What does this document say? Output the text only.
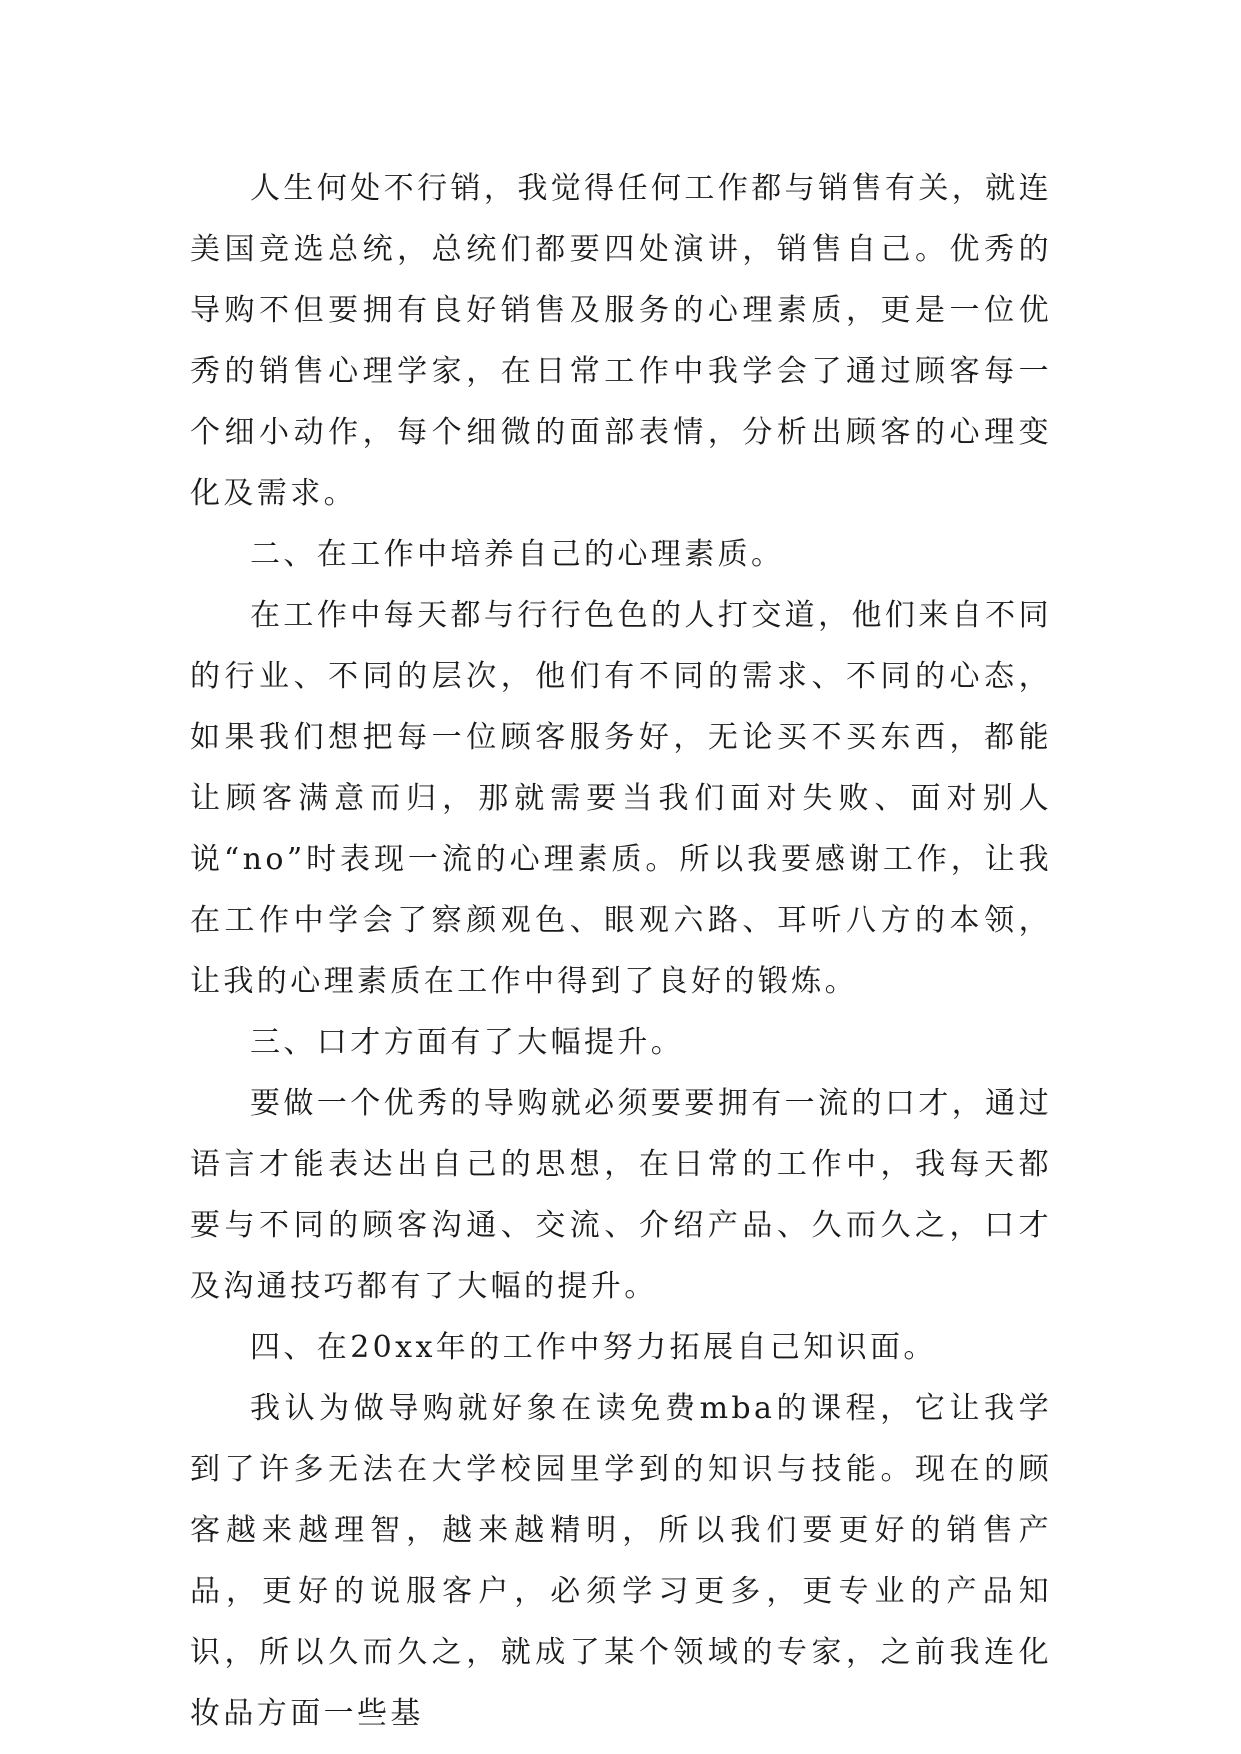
人生何处不行销，我觉得任何工作都与销售有关，就连美国竞选总统，总统们都要四处演讲，销售自己。优秀的导购不但要拥有良好销售及服务的心理素质，更是一位优秀的销售心理学家，在日常工作中我学会了通过顾客每一个细小动作，每个细微的面部表情，分析出顾客的心理变化及需求。

二、在工作中培养自己的心理素质。

在工作中每天都与行行色色的人打交道，他们来自不同的行业、不同的层次，他们有不同的需求、不同的心态，如果我们想把每一位顾客服务好，无论买不买东西，都能让顾客满意而归，那就需要当我们面对失败、面对别人说“no”时表现一流的心理素质。所以我要感谢工作，让我在工作中学会了察颜观色、眼观六路、耳听八方的本领，让我的心理素质在工作中得到了良好的锻炼。

三、口才方面有了大幅提升。

要做一个优秀的导购就必须要要拥有一流的口才，通过语言才能表达出自己的思想，在日常的工作中，我每天都要与不同的顾客沟通、交流、介绍产品、久而久之，口才及沟通技巧都有了大幅的提升。

四、在20xx年的工作中努力拓展自己知识面。

我认为做导购就好象在读免费mba的课程，它让我学到了许多无法在大学校园里学到的知识与技能。现在的顾客越来越理智，越来越精明，所以我们要更好的销售产品，更好的说服客户，必须学习更多，更专业的产品知识，所以久而久之，就成了某个领域的专家，之前我连化妆品方面一些基
